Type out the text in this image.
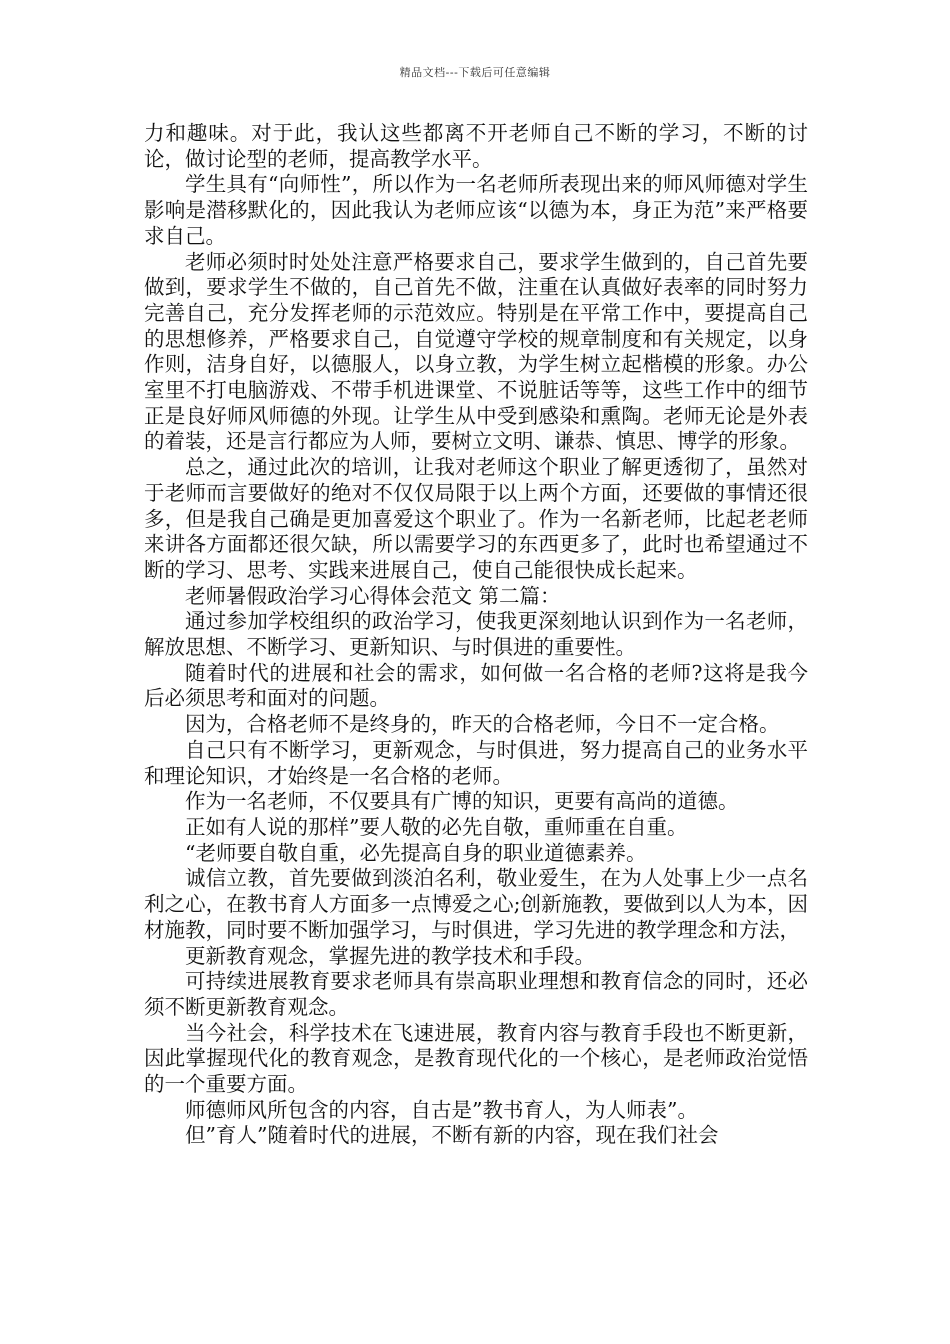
精品文档---下载后可任意编辑

力和趣味。对于此，我认这些都离不开老师自己不断的学习，不断的讨论，做讨论型的老师，提高教学水平。

学生具有“向师性”，所以作为一名老师所表现出来的师风师德对学生影响是潜移默化的，因此我认为老师应该“以德为本，身正为范”来严格要求自己。

老师必须时时处处注意严格要求自己，要求学生做到的，自己首先要做到，要求学生不做的，自己首先不做，注重在认真做好表率的同时努力完善自己，充分发挥老师的示范效应。特别是在平常工作中，要提高自己的思想修养，严格要求自己，自觉遵守学校的规章制度和有关规定，以身作则，洁身自好，以德服人，以身立教，为学生树立起楷模的形象。办公室里不打电脑游戏、不带手机进课堂、不说脏话等等，这些工作中的细节正是良好师风师德的外现。让学生从中受到感染和熏陶。老师无论是外表的着装，还是言行都应为人师，要树立文明、谦恭、慎思、博学的形象。

总之，通过此次的培训，让我对老师这个职业了解更透彻了，虽然对于老师而言要做好的绝对不仅仅局限于以上两个方面，还要做的事情还很多，但是我自己确是更加喜爱这个职业了。作为一名新老师，比起老老师来讲各方面都还很欠缺，所以需要学习的东西更多了，此时也希望通过不断的学习、思考、实践来进展自己，使自己能很快成长起来。

老师暑假政治学习心得体会范文 第二篇：

通过参加学校组织的政治学习，使我更深刻地认识到作为一名老师，解放思想、不断学习、更新知识、与时俱进的重要性。

随着时代的进展和社会的需求，如何做一名合格的老师?这将是我今后必须思考和面对的问题。

因为，合格老师不是终身的，昨天的合格老师，今日不一定合格。

自己只有不断学习，更新观念，与时俱进，努力提高自己的业务水平和理论知识，才始终是一名合格的老师。

作为一名老师，不仅要具有广博的知识，更要有高尚的道德。

正如有人说的那样”要人敬的必先自敬，重师重在自重。

“老师要自敬自重，必先提高自身的职业道德素养。

诚信立教，首先要做到淡泊名利，敬业爱生，在为人处事上少一点名利之心，在教书育人方面多一点博爱之心;创新施教，要做到以人为本，因材施教，同时要不断加强学习，与时俱进，学习先进的教学理念和方法，

更新教育观念，掌握先进的教学技术和手段。

可持续进展教育要求老师具有崇高职业理想和教育信念的同时，还必须不断更新教育观念。

当今社会，科学技术在飞速进展，教育内容与教育手段也不断更新，因此掌握现代化的教育观念，是教育现代化的一个核心，是老师政治觉悟的一个重要方面。

师德师风所包含的内容，自古是”教书育人，为人师表”。

但”育人”随着时代的进展，不断有新的内容，现在我们社会
